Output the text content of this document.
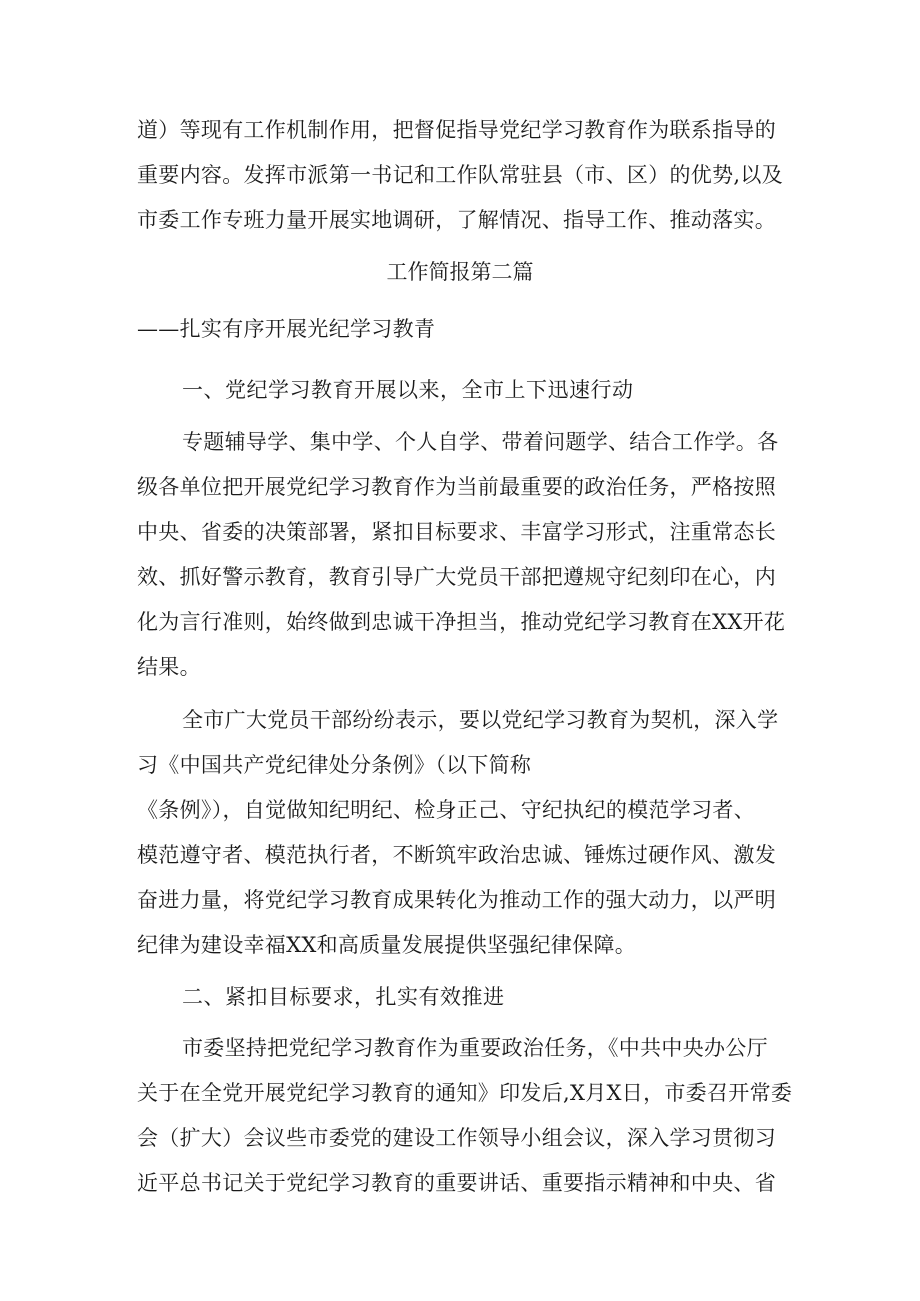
道）等现有工作机制作用，把督促指导党纪学习教育作为联系指导的
重要内容。发挥市派第一书记和工作队常驻县（市、区）的优势,以及
市委工作专班力量开展实地调研，了解情况、指导工作、推动落实。
工作简报第二篇
——扎实有序开展光纪学习教青
一、党纪学习教育开展以来，全市上下迅速行动
专题辅导学、集中学、个人自学、带着问题学、结合工作学。各
级各单位把开展党纪学习教育作为当前最重要的政治任务，严格按照
中央、省委的决策部署，紧扣目标要求、丰富学习形式，注重常态长
效、抓好警示教育，教育引导广大党员干部把遵规守纪刻印在心，内
化为言行准则，始终做到忠诚干净担当，推动党纪学习教育在XX开花
结果。
全市广大党员干部纷纷表示，要以党纪学习教育为契机，深入学
习《中国共产党纪律处分条例》（以下简称
《条例》），自觉做知纪明纪、检身正己、守纪执纪的模范学习者、
模范遵守者、模范执行者，不断筑牢政治忠诚、锤炼过硬作风、激发
奋进力量，将党纪学习教育成果转化为推动工作的强大动力，以严明
纪律为建设幸福XX和高质量发展提供坚强纪律保障。
二、紧扣目标要求，扎实有效推进
市委坚持把党纪学习教育作为重要政治任务，《中共中央办公厅
关于在全党开展党纪学习教育的通知》印发后,X月X日，市委召开常委
会（扩大）会议些市委党的建设工作领导小组会议，深入学习贯彻习
近平总书记关于党纪学习教育的重要讲话、重要指示精神和中央、省
